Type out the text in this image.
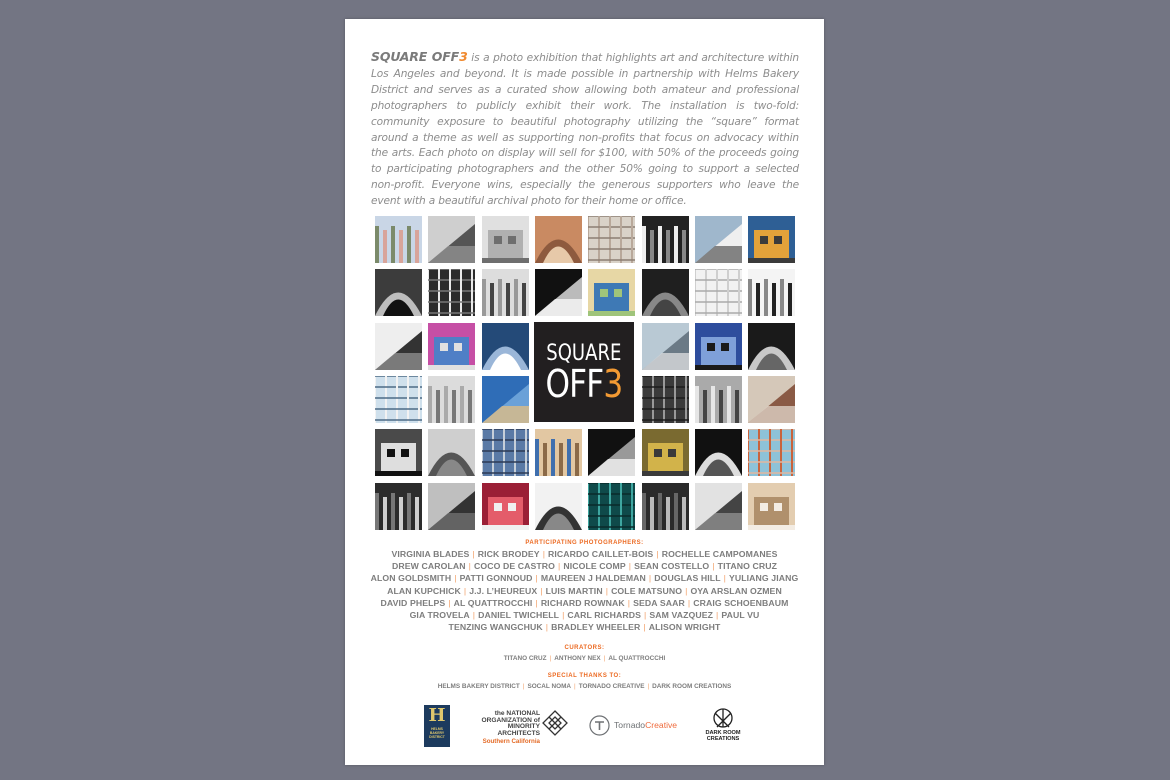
SQUARE OFF3 is a photo exhibition that highlights art and architecture within Los Angeles and beyond. It is made possible in partnership with Helms Bakery District and serves as a curated show allowing both amateur and professional photographers to publicly exhibit their work. The installation is two-fold: community exposure to beautiful photography utilizing the “square” format around a theme as well as supporting non-profits that focus on advocacy within the arts. Each photo on display will sell for $100, with 50% of the proceeds going to participating photographers and the other 50% going to support a selected non-profit. Everyone wins, especially the generous supporters who leave the event with a beautiful archival photo for their home or office.

SQUARE
OFF3
PARTICIPATING PHOTOGRAPHERS:
VIRGINIA BLADES | RICK BRODEY | RICARDO CAILLET-BOIS | ROCHELLE CAMPOMANES
DREW CAROLAN | COCO DE CASTRO | NICOLE COMP | SEAN COSTELLO | TITANO CRUZ
ALON GOLDSMITH | PATTI GONNOUD | MAUREEN J HALDEMAN | DOUGLAS HILL | YULIANG JIANG
ALAN KUPCHICK | J.J. L’HEUREUX | LUIS MARTIN | COLE MATSUNO | OYA ARSLAN OZMEN
DAVID PHELPS | AL QUATTROCCHI | RICHARD ROWNAK | SEDA SAAR | CRAIG SCHOENBAUM
GIA TROVELA | DANIEL TWICHELL | CARL RICHARDS | SAM VAZQUEZ | PAUL VU
TENZING WANGCHUK | BRADLEY WHEELER | ALISON WRIGHT
CURATORS:
TITANO CRUZ | ANTHONY NEX | AL QUATTROCCHI
SPECIAL THANKS TO:
HELMS BAKERY DISTRICT | SOCAL NOMA | TORNADO CREATIVE | DARK ROOM CREATIONS
H
HELMS BAKERY DISTRICT
the NATIONAL ORGANIZATION of MINORITY ARCHITECTS
Southern California
TornadoCreative
DARK ROOM CREATIONS
